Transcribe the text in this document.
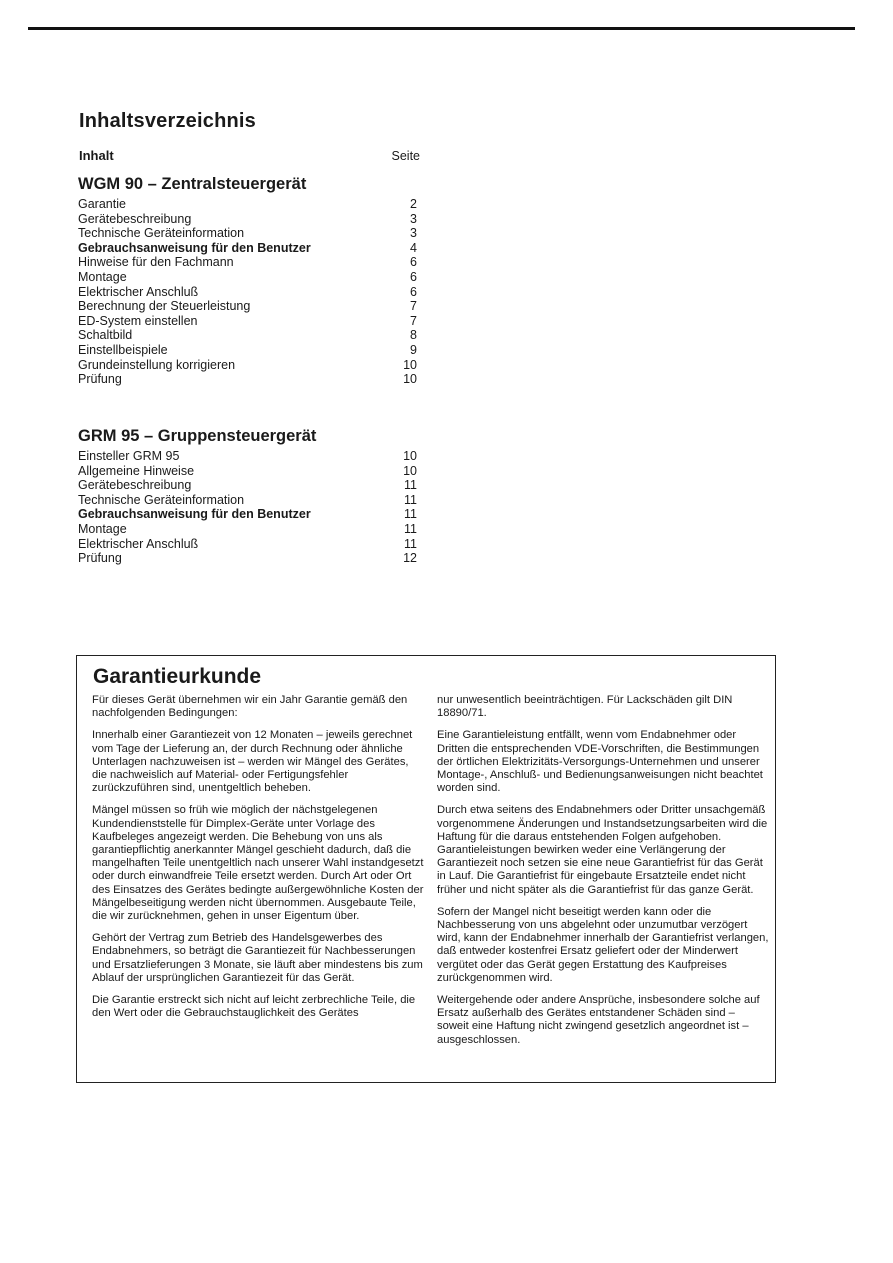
Inhaltsverzeichnis
Inhalt	Seite
WGM 90 – Zentralsteuergerät
Garantie	2
Gerätebeschreibung	3
Technische Geräteinformation	3
Gebrauchsanweisung für den Benutzer	4
Hinweise für den Fachmann	6
Montage	6
Elektrischer Anschluß	6
Berechnung der Steuerleistung	7
ED-System einstellen	7
Schaltbild	8
Einstellbeispiele	9
Grundeinstellung korrigieren	10
Prüfung	10
GRM 95 – Gruppensteuergerät
Einsteller GRM 95	10
Allgemeine Hinweise	10
Gerätebeschreibung	11
Technische Geräteinformation	11
Gebrauchsanweisung für den Benutzer	11
Montage	11
Elektrischer Anschluß	11
Prüfung	12
Garantieurkunde

Für dieses Gerät übernehmen wir ein Jahr Garantie gemäß den nachfolgenden Bedingungen:

Innerhalb einer Garantiezeit von 12 Monaten – jeweils gerechnet vom Tage der Lieferung an, der durch Rechnung oder ähnliche Unterlagen nachzuweisen ist – werden wir Mängel des Gerätes, die nachweislich auf Material- oder Fertigungsfehler zurückzuführen sind, unentgeltlich beheben.

Mängel müssen so früh wie möglich der nächstgelegenen Kundendienststelle für Dimplex-Geräte unter Vorlage des Kaufbeleges angezeigt werden. Die Behebung von uns als garantiepflichtig anerkannter Mängel geschieht dadurch, daß die mangelhaften Teile unentgeltlich nach unserer Wahl instandgesetzt oder durch einwandfreie Teile ersetzt werden. Durch Art oder Ort des Einsatzes des Gerätes bedingte außergewöhnliche Kosten der Mängelbeseitigung werden nicht übernommen. Ausgebaute Teile, die wir zurücknehmen, gehen in unser Eigentum über.

Gehört der Vertrag zum Betrieb des Handelsgewerbes des Endabnehmers, so beträgt die Garantiezeit für Nachbesserungen und Ersatzlieferungen 3 Monate, sie läuft aber mindestens bis zum Ablauf der ursprünglichen Garantiezeit für das Gerät.

Die Garantie erstreckt sich nicht auf leicht zerbrechliche Teile, die den Wert oder die Gebrauchstauglichkeit des Gerätes

nur unwesentlich beeinträchtigen. Für Lackschäden gilt DIN 18890/71.

Eine Garantieleistung entfällt, wenn vom Endabnehmer oder Dritten die entsprechenden VDE-Vorschriften, die Bestimmungen der örtlichen Elektrizitäts-Versorgungs-Unternehmen und unserer Montage-, Anschluß- und Bedienungsanweisungen nicht beachtet worden sind.

Durch etwa seitens des Endabnehmers oder Dritter unsachgemäß vorgenommene Änderungen und Instandsetzungsarbeiten wird die Haftung für die daraus entstehenden Folgen aufgehoben. Garantieleistungen bewirken weder eine Verlängerung der Garantiezeit noch setzen sie eine neue Garantiefrist für das Gerät in Lauf. Die Garantiefrist für eingebaute Ersatzteile endet nicht früher und nicht später als die Garantiefrist für das ganze Gerät.

Sofern der Mangel nicht beseitigt werden kann oder die Nachbesserung von uns abgelehnt oder unzumutbar verzögert wird, kann der Endabnehmer innerhalb der Garantiefrist verlangen, daß entweder kostenfrei Ersatz geliefert oder der Minderwert vergütet oder das Gerät gegen Erstattung des Kaufpreises zurückgenommen wird.

Weitergehende oder andere Ansprüche, insbesondere solche auf Ersatz außerhalb des Gerätes entstandener Schäden sind – soweit eine Haftung nicht zwingend gesetzlich angeordnet ist – ausgeschlossen.
